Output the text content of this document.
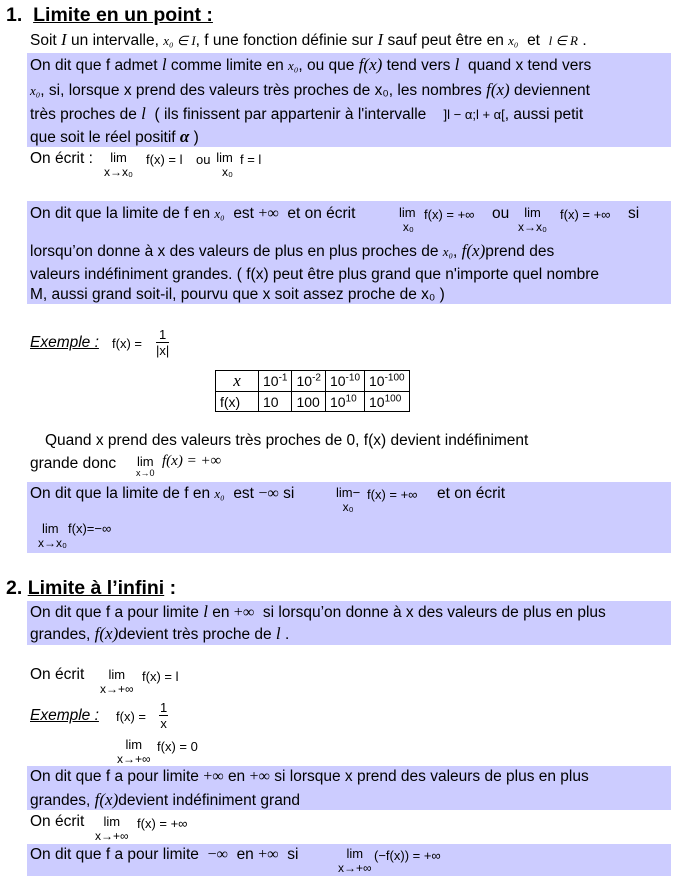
1. Limite en un point :
Soit I un intervalle, x₀ ∈ I, f une fonction définie sur I sauf peut être en x₀ et l ∈ R .
On dit que f admet l comme limite en x₀, ou que f(x) tend vers l quand x tend vers
x₀, si, lorsque x prend des valeurs très proches de x₀, les nombres f(x) deviennent
très proches de l ( ils finissent par appartenir à l'intervalle ]l − α;l + α[, aussi petit
que soit le réel positif α )
On écrit :	lim
x→x₀
f(x) = l ou lim
x₀
f = l
On dit que la limite de f en x₀ est +∞ et on écrit	lim
x₀
f(x) = +∞ ou	lim
x→x₀
f(x) = +∞ si
lorsqu’on donne à x des valeurs de plus en plus proches de x₀, f(x)prend des
valeurs indéfiniment grandes. ( f(x) peut être plus grand que n'importe quel nombre
M, aussi grand soit-il, pourvu que x soit assez proche de x₀ )
Exemple : $f(x) = \frac{1}{|x|}$
x	$10^{-1}$	$10^{-2}$	$10^{-10}$	$10^{-100}$
f(x)	10	100	$10^{10}$	$10^{100}$
Quand x prend des valeurs très proches de 0, f(x) devient indéfiniment
grande donc lim
x→0
f(x) = +∞
On dit que la limite de f en x₀ est −∞ si	lim−
x₀
f(x) = +∞ et on écrit
lim f(x)=−∞
x→x₀
2. Limite à l’infini :
On dit que f a pour limite l en +∞ si lorsqu’on donne à x des valeurs de plus en plus
grandes, f(x)devient très proche de l .
On écrit	lim
x→+∞
f(x) = l
Exemple : $f(x) = \frac{1}{x}$
lim
x→+∞
f(x) = 0
On dit que f a pour limite +∞ en +∞ si lorsque x prend des valeurs de plus en plus
grandes, f(x)devient indéfiniment grand
On écrit	lim
x→+∞
f(x) = +∞
On dit que f a pour limite −∞ en +∞ si	lim
x→+∞
(−f(x)) = +∞
